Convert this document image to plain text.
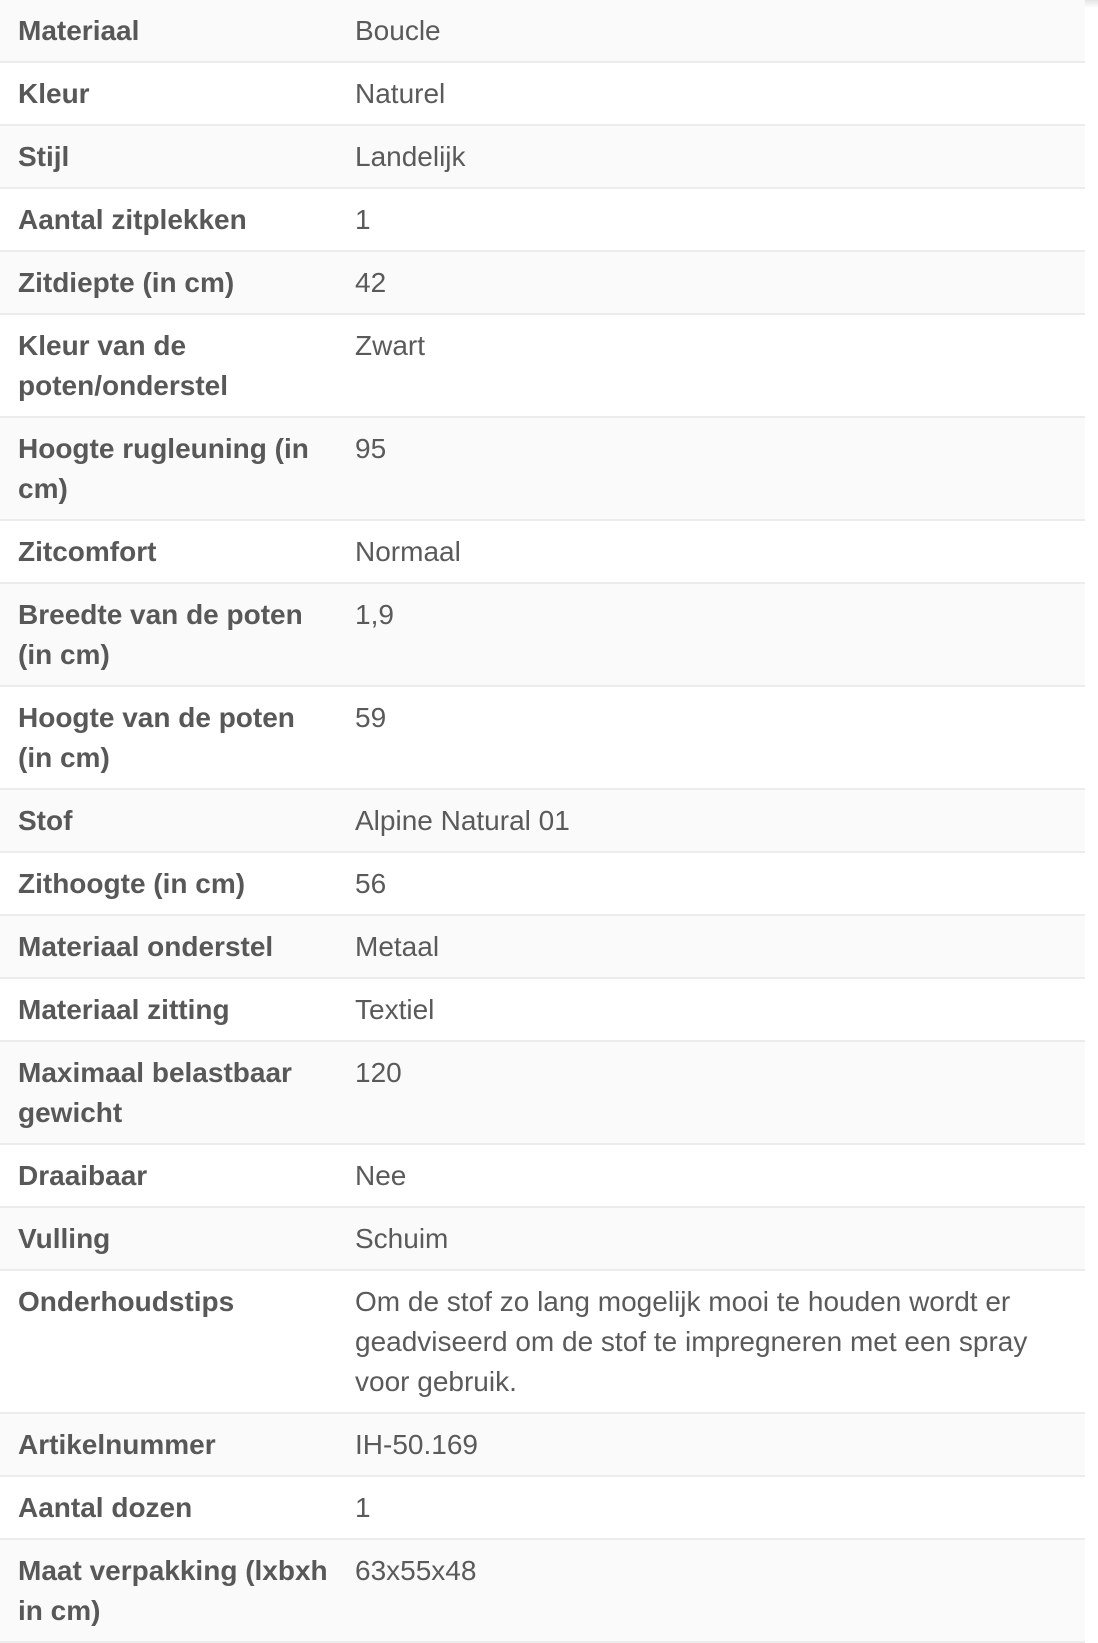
Materiaal	Boucle
Kleur	Naturel
Stijl	Landelijk
Aantal zitplekken	1
Zitdiepte (in cm)	42
Kleur van de poten/onderstel	Zwart
Hoogte rugleuning (in cm)	95
Zitcomfort	Normaal
Breedte van de poten (in cm)	1,9
Hoogte van de poten (in cm)	59
Stof	Alpine Natural 01
Zithoogte (in cm)	56
Materiaal onderstel	Metaal
Materiaal zitting	Textiel
Maximaal belastbaar gewicht	120
Draaibaar	Nee
Vulling	Schuim
Onderhoudstips	Om de stof zo lang mogelijk mooi te houden wordt er geadviseerd om de stof te impregneren met een spray voor gebruik.
Artikelnummer	IH-50.169
Aantal dozen	1
Maat verpakking (lxbxh in cm)	63x55x48
